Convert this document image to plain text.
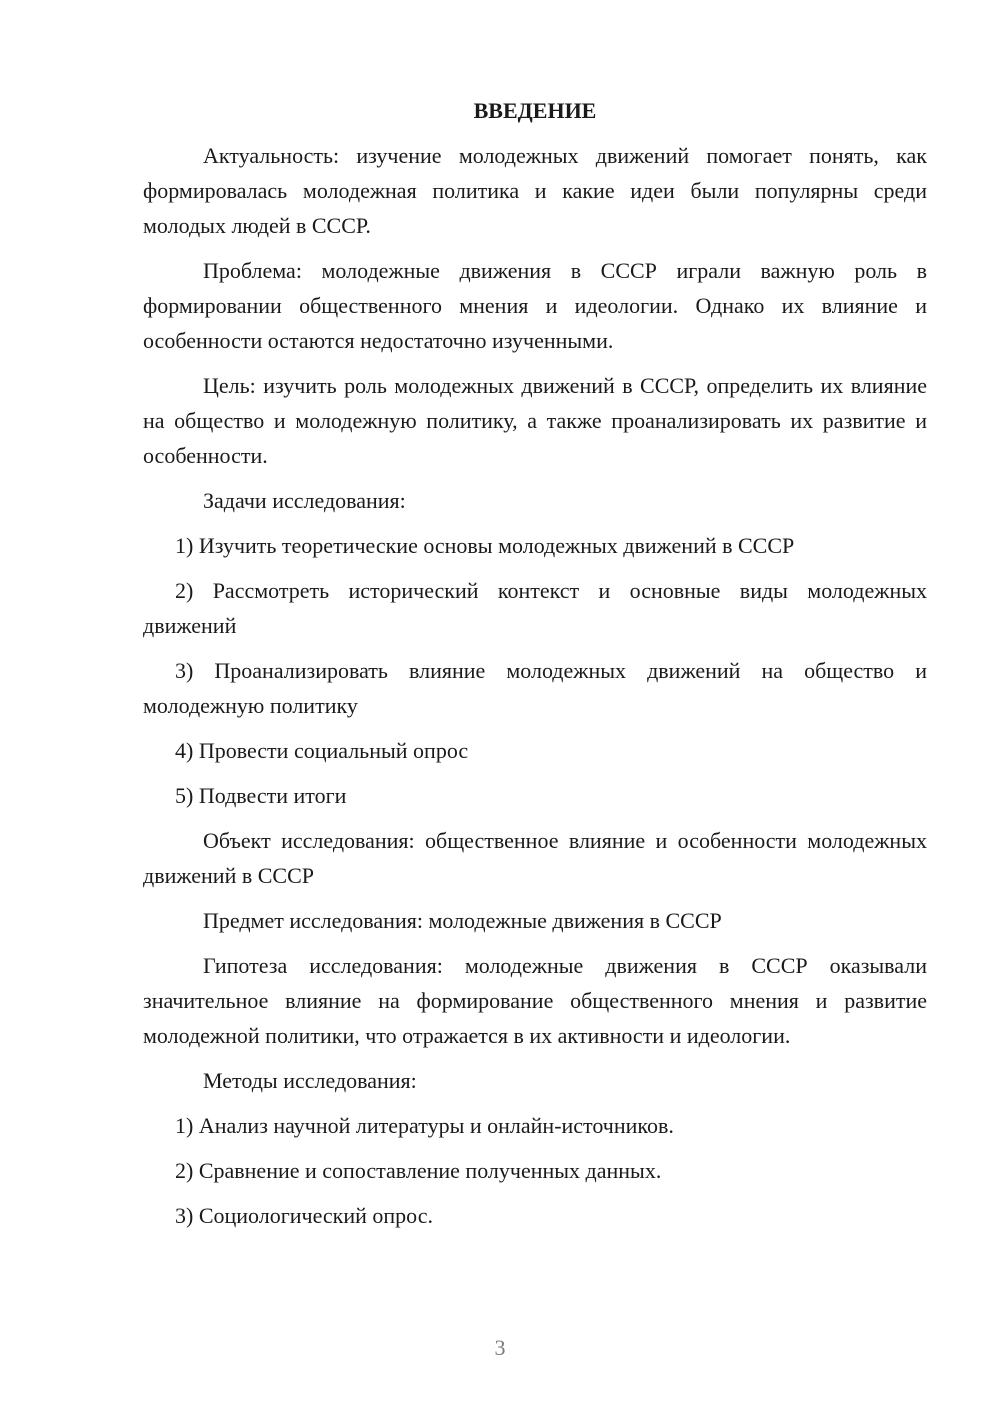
ВВЕДЕНИЕ
Актуальность: изучение молодежных движений помогает понять, как формировалась молодежная политика и какие идеи были популярны среди молодых людей в СССР.
Проблема: молодежные движения в СССР играли важную роль в формировании общественного мнения и идеологии. Однако их влияние и особенности остаются недостаточно изученными.
Цель: изучить роль молодежных движений в СССР, определить их влияние на общество и молодежную политику, а также проанализировать их развитие и особенности.
Задачи исследования:
1) Изучить теоретические основы молодежных движений в СССР
2) Рассмотреть исторический контекст и основные виды молодежных движений
3) Проанализировать влияние молодежных движений на общество и молодежную политику
4) Провести социальный опрос
5) Подвести итоги
Объект исследования: общественное влияние и особенности молодежных движений в СССР
Предмет исследования: молодежные движения в СССР
Гипотеза исследования: молодежные движения в СССР оказывали значительное влияние на формирование общественного мнения и развитие молодежной политики, что отражается в их активности и идеологии.
Методы исследования:
1) Анализ научной литературы и онлайн-источников.
2) Сравнение и сопоставление полученных данных.
3) Социологический опрос.
3
